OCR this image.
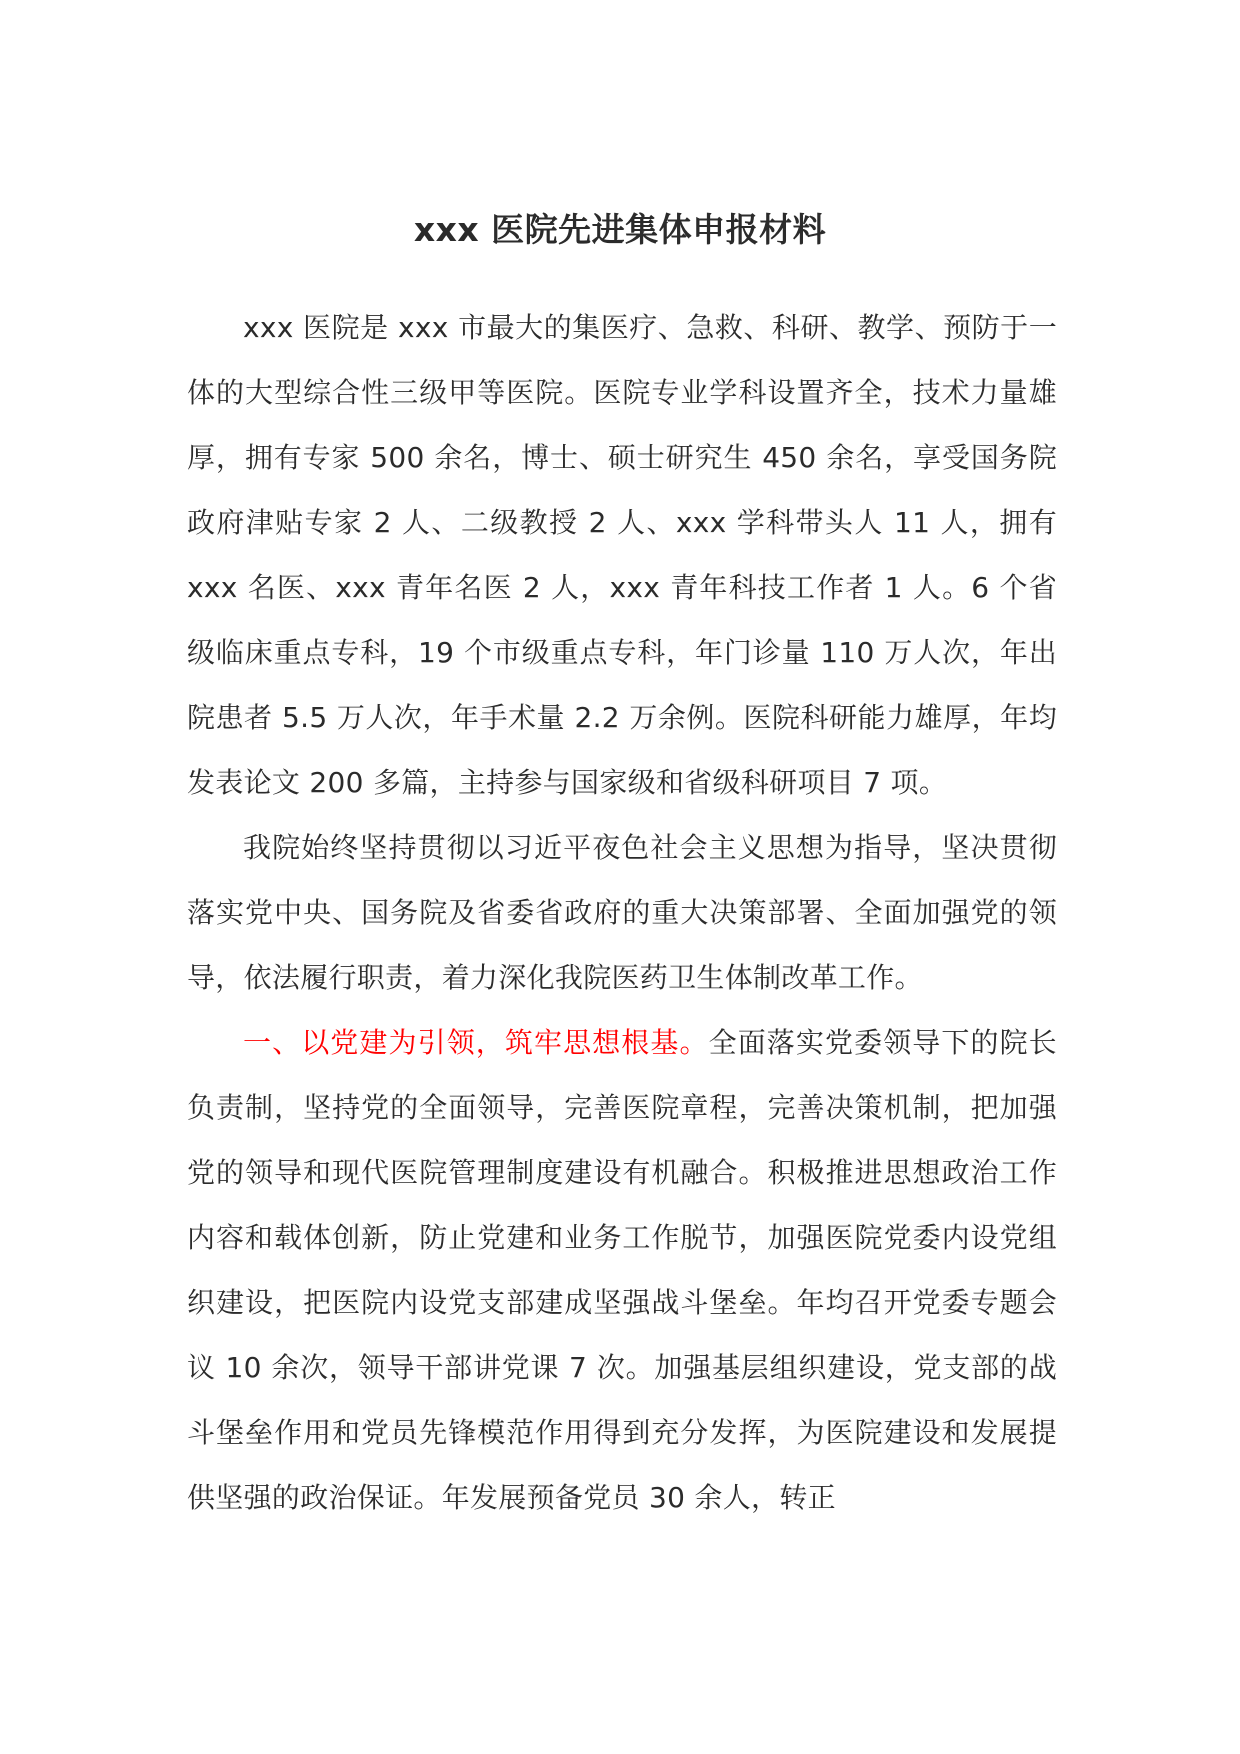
xxx 医院先进集体申报材料

xxx 医院是 xxx 市最大的集医疗、急救、科研、教学、预防于一体的大型综合性三级甲等医院。医院专业学科设置齐全，技术力量雄厚，拥有专家 500 余名，博士、硕士研究生 450 余名，享受国务院政府津贴专家 2 人、二级教授 2 人、xxx 学科带头人 11 人，拥有 xxx 名医、xxx 青年名医 2 人，xxx 青年科技工作者 1 人。6 个省级临床重点专科，19 个市级重点专科，年门诊量 110 万人次，年出院患者 5.5 万人次，年手术量 2.2 万余例。医院科研能力雄厚，年均发表论文 200 多篇，主持参与国家级和省级科研项目 7 项。

我院始终坚持贯彻以习近平夜色社会主义思想为指导，坚决贯彻落实党中央、国务院及省委省政府的重大决策部署、全面加强党的领导，依法履行职责，着力深化我院医药卫生体制改革工作。

一、以党建为引领，筑牢思想根基。全面落实党委领导下的院长负责制，坚持党的全面领导，完善医院章程，完善决策机制，把加强党的领导和现代医院管理制度建设有机融合。积极推进思想政治工作内容和载体创新，防止党建和业务工作脱节，加强医院党委内设党组织建设，把医院内设党支部建成坚强战斗堡垒。年均召开党委专题会议 10 余次，领导干部讲党课 7 次。加强基层组织建设，党支部的战斗堡垒作用和党员先锋模范作用得到充分发挥，为医院建设和发展提供坚强的政治保证。年发展预备党员 30 余人，转正
